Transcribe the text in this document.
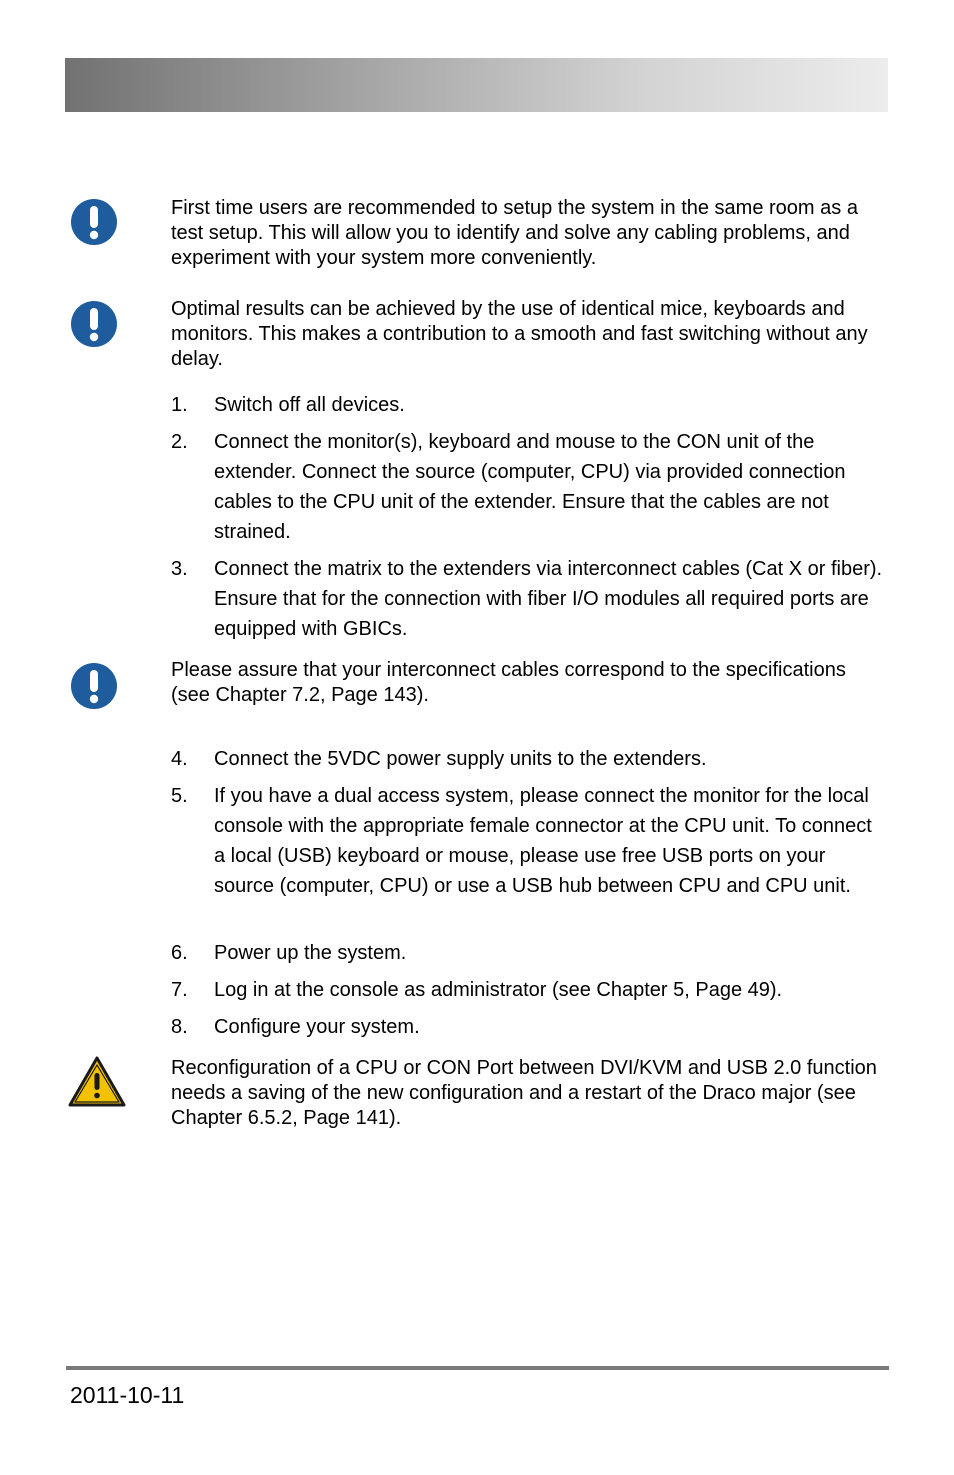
First time users are recommended to setup the system in the same room as a test setup. This will allow you to identify and solve any cabling problems, and experiment with your system more conveniently.
Optimal results can be achieved by the use of identical mice, keyboards and monitors. This makes a contribution to a smooth and fast switching without any delay.
1. Switch off all devices.
2. Connect the monitor(s), keyboard and mouse to the CON unit of the extender. Connect the source (computer, CPU) via provided connection cables to the CPU unit of the extender. Ensure that the cables are not strained.
3. Connect the matrix to the extenders via interconnect cables (Cat X or fiber). Ensure that for the connection with fiber I/O modules all required ports are equipped with GBICs.
Please assure that your interconnect cables correspond to the specifications (see Chapter 7.2, Page 143).
4. Connect the 5VDC power supply units to the extenders.
5. If you have a dual access system, please connect the monitor for the local console with the appropriate female connector at the CPU unit. To connect a local (USB) keyboard or mouse, please use free USB ports on your source (computer, CPU) or use a USB hub between CPU and CPU unit.
6. Power up the system.
7. Log in at the console as administrator (see Chapter 5, Page 49).
8. Configure your system.
Reconfiguration of a CPU or CON Port between DVI/KVM and USB 2.0 function needs a saving of the new configuration and a restart of the Draco major (see Chapter 6.5.2, Page 141).
2011-10-11
